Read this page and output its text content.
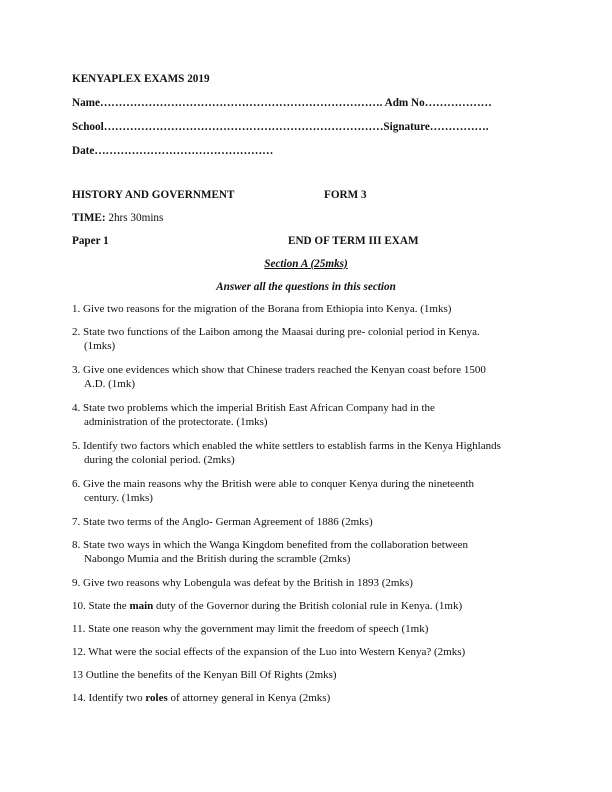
KENYAPLEX EXAMS 2019
Name…………………………………………………………………. Adm No………………
School…………………………………………………………………Signature…………….
Date…………………………………………
HISTORY AND GOVERNMENT	FORM 3
TIME: 2hrs 30mins
Paper 1	END OF TERM III EXAM
Section A (25mks)
Answer all the questions in this section
1. Give two reasons for the migration of the Borana from Ethiopia into Kenya. (1mks)
2. State two functions of the Laibon among the Maasai during pre- colonial period in Kenya.
(1mks)
3. Give one evidences which show that Chinese traders reached the Kenyan coast before 1500
A.D. (1mk)
4. State two problems which the imperial British East African Company had in the
administration of the protectorate. (1mks)
5. Identify two factors which enabled the white settlers to establish farms in the Kenya Highlands
during the colonial period. (2mks)
6. Give the main reasons why the British were able to conquer Kenya during the nineteenth
century. (1mks)
7. State two terms of the Anglo- German Agreement of 1886 (2mks)
8. State two ways in which the Wanga Kingdom benefited from the collaboration between
Nabongo Mumia and the British during the scramble (2mks)
9. Give two reasons why Lobengula was defeat by the British in 1893 (2mks)
10. State the main duty of the Governor during the British colonial rule in Kenya. (1mk)
11. State one reason why the government may limit the freedom of speech (1mk)
12. What were the social effects of the expansion of the Luo into Western Kenya? (2mks)
13 Outline the benefits of the Kenyan Bill Of Rights (2mks)
14. Identify two roles of attorney general in Kenya (2mks)
